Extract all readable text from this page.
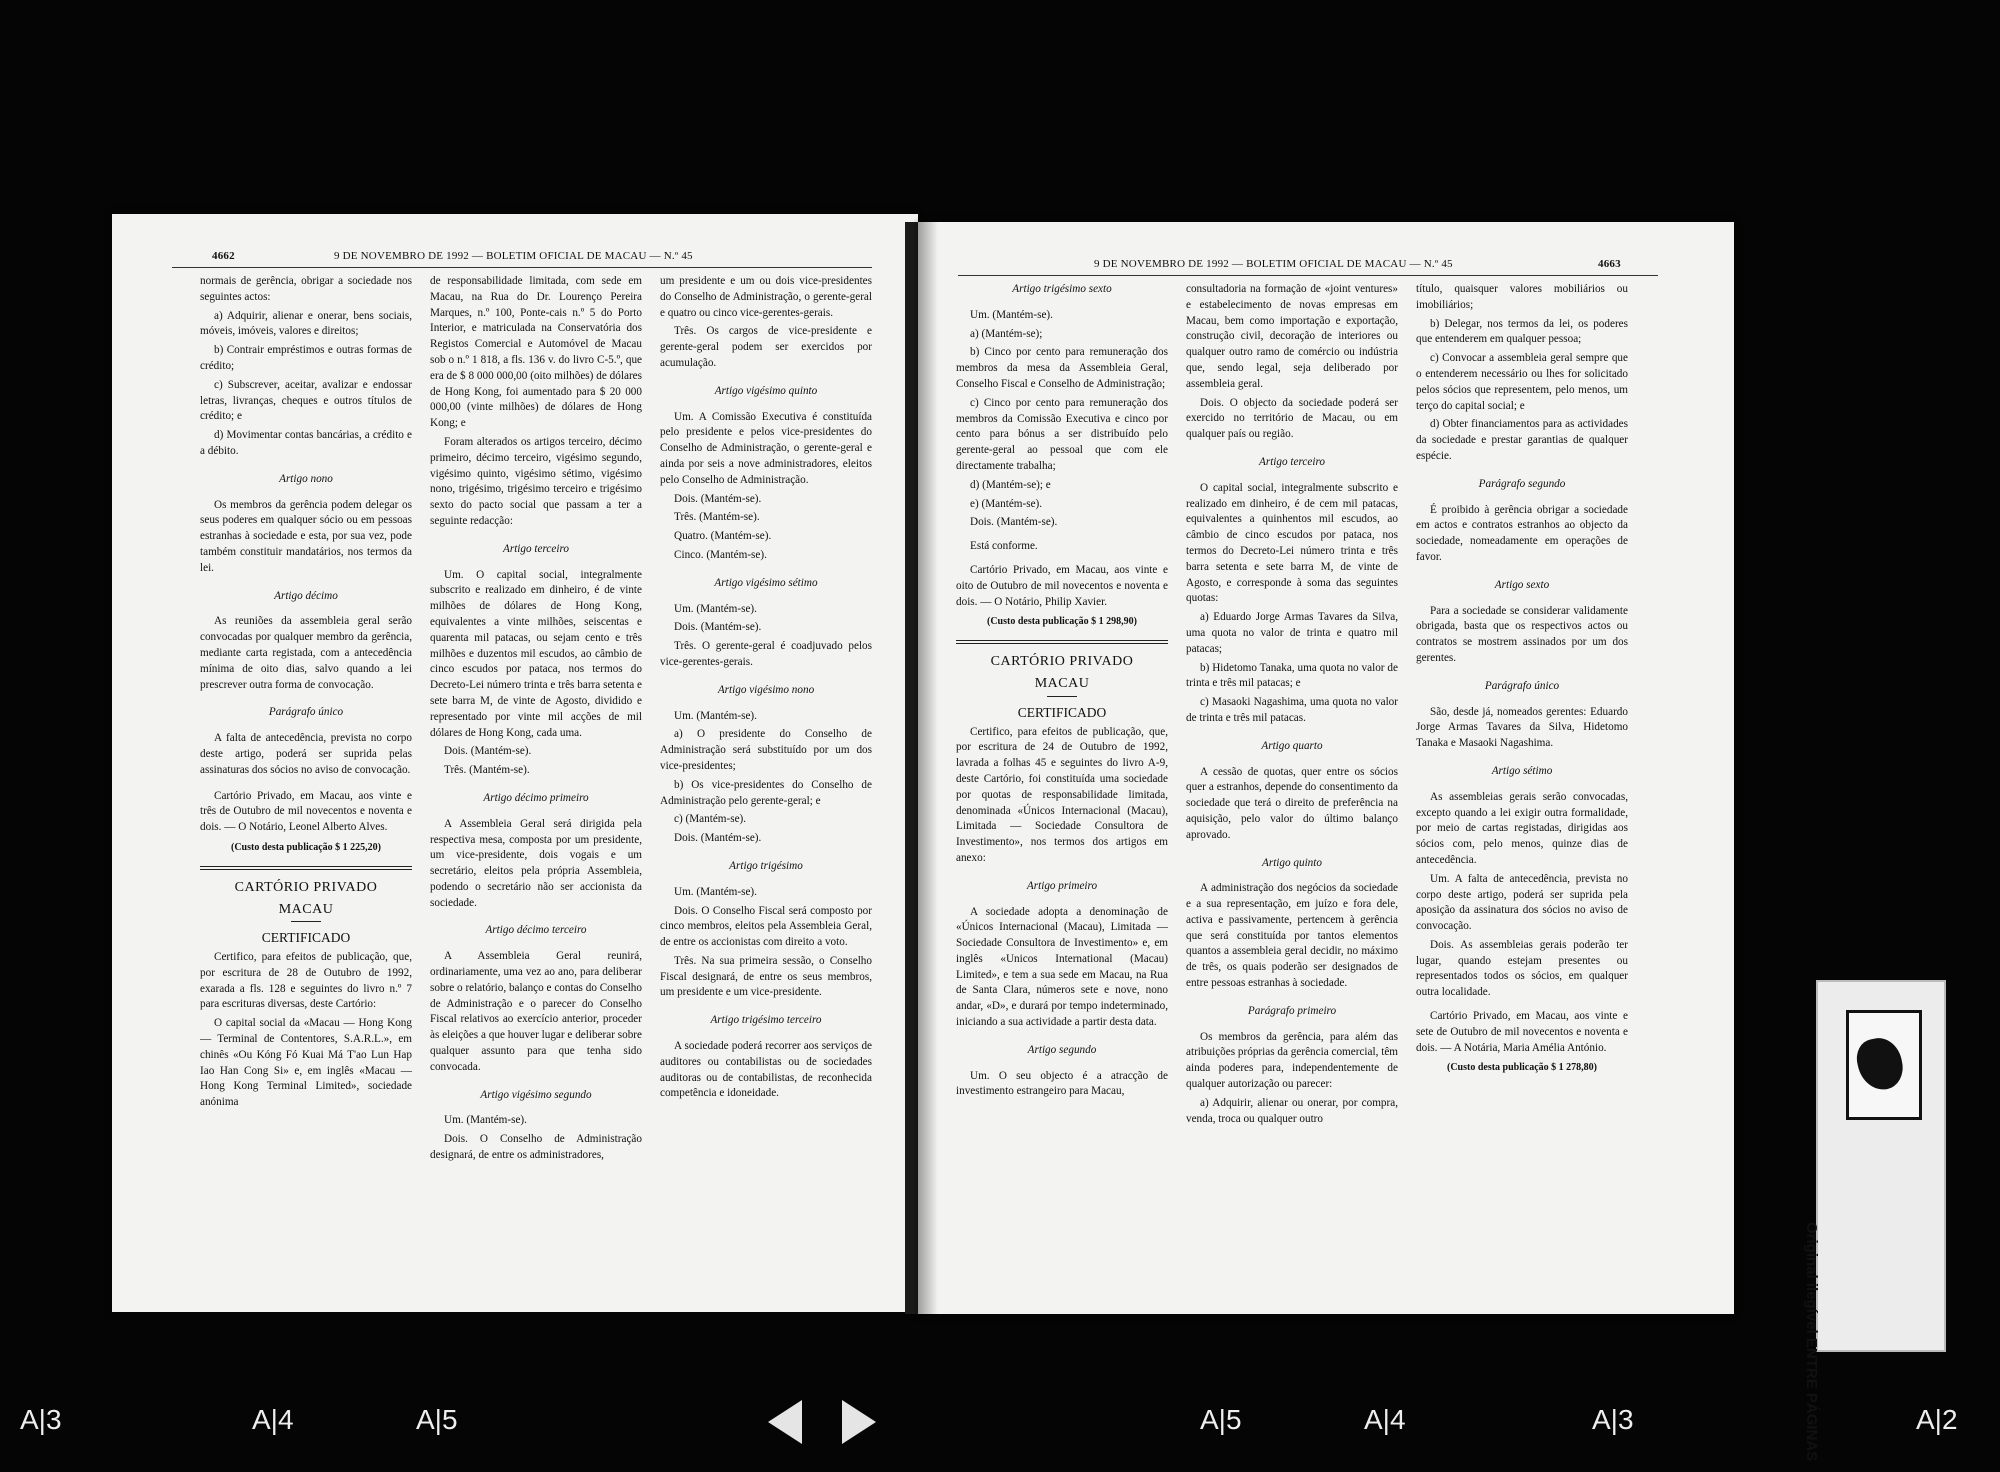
4662	9 DE NOVEMBRO DE 1992 — BOLETIM OFICIAL DE MACAU — N.º 45

normais de gerência, obrigar a sociedade nos seguintes actos:

a) Adquirir, alienar e onerar, bens sociais, móveis, imóveis, valores e direitos;

b) Contrair empréstimos e outras formas de crédito;

c) Subscrever, aceitar, avalizar e endossar letras, livranças, cheques e outros títulos de crédito; e

d) Movimentar contas bancárias, a crédito e a débito.

Artigo nono

Os membros da gerência podem delegar os seus poderes em qualquer sócio ou em pessoas estranhas à sociedade e esta, por sua vez, pode também constituir mandatários, nos termos da lei.

Artigo décimo

As reuniões da assembleia geral serão convocadas por qualquer membro da gerência, mediante carta registada, com a antecedência mínima de oito dias, salvo quando a lei prescrever outra forma de convocação.

Parágrafo único

A falta de antecedência, prevista no corpo deste artigo, poderá ser suprida pelas assinaturas dos sócios no aviso de convocação.

Cartório Privado, em Macau, aos vinte e três de Outubro de mil novecentos e noventa e dois. — O Notário, Leonel Alberto Alves.

(Custo desta publicação $ 1 225,20)

CARTÓRIO PRIVADO

MACAU

CERTIFICADO

Certifico, para efeitos de publicação, que, por escritura de 28 de Outubro de 1992, exarada a fls. 128 e seguintes do livro n.º 7 para escrituras diversas, deste Cartório:

O capital social da «Macau — Hong Kong — Terminal de Contentores, S.A.R.L.», em chinês «Ou Kóng Fó Kuai Má T'ao Lun Hap Iao Han Cong Si» e, em inglês «Macau — Hong Kong Terminal Limited», sociedade anónima

de responsabilidade limitada, com sede em Macau, na Rua do Dr. Lourenço Pereira Marques, n.º 100, Ponte-cais n.º 5 do Porto Interior, e matriculada na Conservatória dos Registos Comercial e Automóvel de Macau sob o n.º 1 818, a fls. 136 v. do livro C-5.º, que era de $ 8 000 000,00 (oito milhões) de dólares de Hong Kong, foi aumentado para $ 20 000 000,00 (vinte milhões) de dólares de Hong Kong; e

Foram alterados os artigos terceiro, décimo primeiro, décimo terceiro, vigésimo segundo, vigésimo quinto, vigésimo sétimo, vigésimo nono, trigésimo, trigésimo terceiro e trigésimo sexto do pacto social que passam a ter a seguinte redacção:

Artigo terceiro

Um. O capital social, integralmente subscrito e realizado em dinheiro, é de vinte milhões de dólares de Hong Kong, equivalentes a vinte milhões, seiscentas e quarenta mil patacas, ou sejam cento e três milhões e duzentos mil escudos, ao câmbio de cinco escudos por pataca, nos termos do Decreto-Lei número trinta e três barra setenta e sete barra M, de vinte de Agosto, dividido e representado por vinte mil acções de mil dólares de Hong Kong, cada uma.

Dois. (Mantém-se).

Três. (Mantém-se).

Artigo décimo primeiro

A Assembleia Geral será dirigida pela respectiva mesa, composta por um presidente, um vice-presidente, dois vogais e um secretário, eleitos pela própria Assembleia, podendo o secretário não ser accionista da sociedade.

Artigo décimo terceiro

A Assembleia Geral reunirá, ordinariamente, uma vez ao ano, para deliberar sobre o relatório, balanço e contas do Conselho de Administração e o parecer do Conselho Fiscal relativos ao exercício anterior, proceder às eleições a que houver lugar e deliberar sobre qualquer assunto para que tenha sido convocada.

Artigo vigésimo segundo

Um. (Mantém-se).

Dois. O Conselho de Administração designará, de entre os administradores,

um presidente e um ou dois vice-presidentes do Conselho de Administração, o gerente-geral e quatro ou cinco vice-gerentes-gerais.

Três. Os cargos de vice-presidente e gerente-geral podem ser exercidos por acumulação.

Artigo vigésimo quinto

Um. A Comissão Executiva é constituída pelo presidente e pelos vice-presidentes do Conselho de Administração, o gerente-geral e ainda por seis a nove administradores, eleitos pelo Conselho de Administração.

Dois. (Mantém-se).

Três. (Mantém-se).

Quatro. (Mantém-se).

Cinco. (Mantém-se).

Artigo vigésimo sétimo

Um. (Mantém-se).

Dois. (Mantém-se).

Três. O gerente-geral é coadjuvado pelos vice-gerentes-gerais.

Artigo vigésimo nono

Um. (Mantém-se).

a) O presidente do Conselho de Administração será substituído por um dos vice-presidentes;

b) Os vice-presidentes do Conselho de Administração pelo gerente-geral; e

c) (Mantém-se).

Dois. (Mantém-se).

Artigo trigésimo

Um. (Mantém-se).

Dois. O Conselho Fiscal será composto por cinco membros, eleitos pela Assembleia Geral, de entre os accionistas com direito a voto.

Três. Na sua primeira sessão, o Conselho Fiscal designará, de entre os seus membros, um presidente e um vice-presidente.

Artigo trigésimo terceiro

A sociedade poderá recorrer aos serviços de auditores ou contabilistas ou de sociedades auditoras ou de contabilistas, de reconhecida competência e idoneidade.

9 DE NOVEMBRO DE 1992 — BOLETIM OFICIAL DE MACAU — N.º 45	4663

Artigo trigésimo sexto

Um. (Mantém-se).

a) (Mantém-se);

b) Cinco por cento para remuneração dos membros da mesa da Assembleia Geral, Conselho Fiscal e Conselho de Administração;

c) Cinco por cento para remuneração dos membros da Comissão Executiva e cinco por cento para bónus a ser distribuído pelo gerente-geral ao pessoal que com ele directamente trabalha;

d) (Mantém-se); e

e) (Mantém-se).

Dois. (Mantém-se).

Está conforme.

Cartório Privado, em Macau, aos vinte e oito de Outubro de mil novecentos e noventa e dois. — O Notário, Philip Xavier.

(Custo desta publicação $ 1 298,90)

CARTÓRIO PRIVADO

MACAU

CERTIFICADO

Certifico, para efeitos de publicação, que, por escritura de 24 de Outubro de 1992, lavrada a folhas 45 e seguintes do livro A-9, deste Cartório, foi constituída uma sociedade por quotas de responsabilidade limitada, denominada «Únicos Internacional (Macau), Limitada — Sociedade Consultora de Investimento», nos termos dos artigos em anexo:

Artigo primeiro

A sociedade adopta a denominação de «Únicos Internacional (Macau), Limitada — Sociedade Consultora de Investimento» e, em inglês «Unicos International (Macau) Limited», e tem a sua sede em Macau, na Rua de Santa Clara, números sete e nove, nono andar, «D», e durará por tempo indeterminado, iniciando a sua actividade a partir desta data.

Artigo segundo

Um. O seu objecto é a atracção de investimento estrangeiro para Macau,

consultadoria na formação de «joint ventures» e estabelecimento de novas empresas em Macau, bem como importação e exportação, construção civil, decoração de interiores ou qualquer outro ramo de comércio ou indústria que, sendo legal, seja deliberado por assembleia geral.

Dois. O objecto da sociedade poderá ser exercido no território de Macau, ou em qualquer país ou região.

Artigo terceiro

O capital social, integralmente subscrito e realizado em dinheiro, é de cem mil patacas, equivalentes a quinhentos mil escudos, ao câmbio de cinco escudos por pataca, nos termos do Decreto-Lei número trinta e três barra setenta e sete barra M, de vinte de Agosto, e corresponde à soma das seguintes quotas:

a) Eduardo Jorge Armas Tavares da Silva, uma quota no valor de trinta e quatro mil patacas;

b) Hidetomo Tanaka, uma quota no valor de trinta e três mil patacas; e

c) Masaoki Nagashima, uma quota no valor de trinta e três mil patacas.

Artigo quarto

A cessão de quotas, quer entre os sócios quer a estranhos, depende do consentimento da sociedade que terá o direito de preferência na aquisição, pelo valor do último balanço aprovado.

Artigo quinto

A administração dos negócios da sociedade e a sua representação, em juízo e fora dele, activa e passivamente, pertencem à gerência que será constituída por tantos elementos quantos a assembleia geral decidir, no máximo de três, os quais poderão ser designados de entre pessoas estranhas à sociedade.

Parágrafo primeiro

Os membros da gerência, para além das atribuições próprias da gerência comercial, têm ainda poderes para, independentemente de qualquer autorização ou parecer:

a) Adquirir, alienar ou onerar, por compra, venda, troca ou qualquer outro

título, quaisquer valores mobiliários ou imobiliários;

b) Delegar, nos termos da lei, os poderes que entenderem em qualquer pessoa;

c) Convocar a assembleia geral sempre que o entenderem necessário ou lhes for solicitado pelos sócios que representem, pelo menos, um terço do capital social; e

d) Obter financiamentos para as actividades da sociedade e prestar garantias de qualquer espécie.

Parágrafo segundo

É proibido à gerência obrigar a sociedade em actos e contratos estranhos ao objecto da sociedade, nomeadamente em operações de favor.

Artigo sexto

Para a sociedade se considerar validamente obrigada, basta que os respectivos actos ou contratos se mostrem assinados por um dos gerentes.

Parágrafo único

São, desde já, nomeados gerentes: Eduardo Jorge Armas Tavares da Silva, Hidetomo Tanaka e Masaoki Nagashima.

Artigo sétimo

As assembleias gerais serão convocadas, excepto quando a lei exigir outra formalidade, por meio de cartas registadas, dirigidas aos sócios com, pelo menos, quinze dias de antecedência.

Um. A falta de antecedência, prevista no corpo deste artigo, poderá ser suprida pela aposição da assinatura dos sócios no aviso de convocação.

Dois. As assembleias gerais poderão ter lugar, quando estejam presentes ou representados todos os sócios, em qualquer outra localidade.

Cartório Privado, em Macau, aos vinte e sete de Outubro de mil novecentos e noventa e dois. — A Notária, Maria Amélia António.

(Custo desta publicação $ 1 278,80)

Original ilegível ENTRE PÁGINAS
A|3	A|4	A|5	A|5	A|4	A|3	A|2
